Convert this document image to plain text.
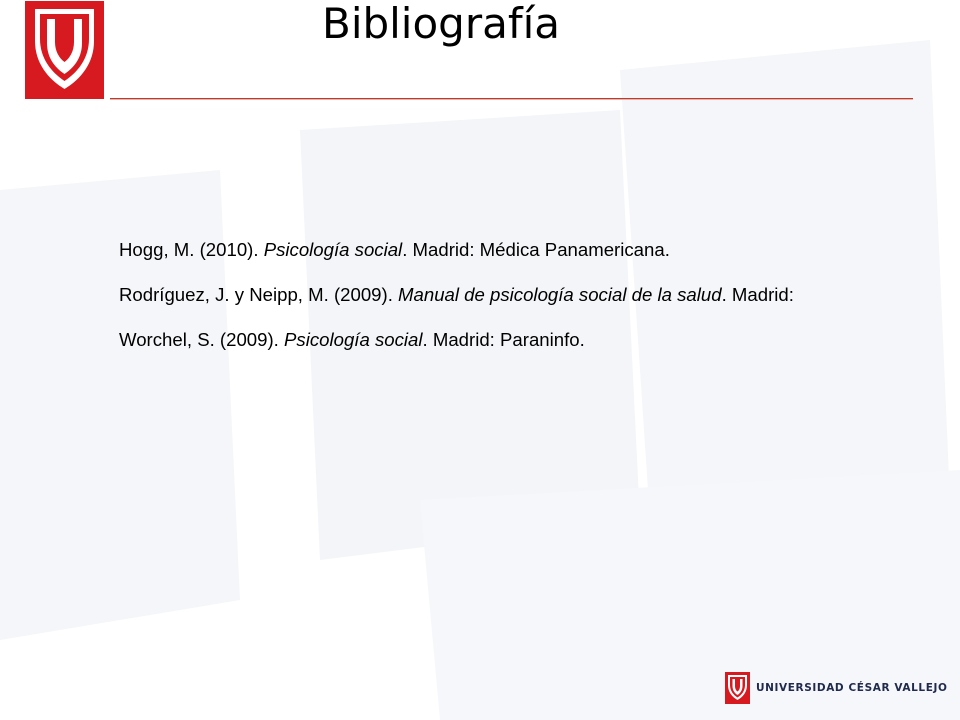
Bibliografía

Hogg, M. (2010). Psicología social. Madrid: Médica Panamericana.

Rodríguez, J. y Neipp, M. (2009). Manual de psicología social de la salud. Madrid:

Worchel, S. (2009). Psicología social. Madrid: Paraninfo.

UNIVERSIDAD CÉSAR VALLEJO
